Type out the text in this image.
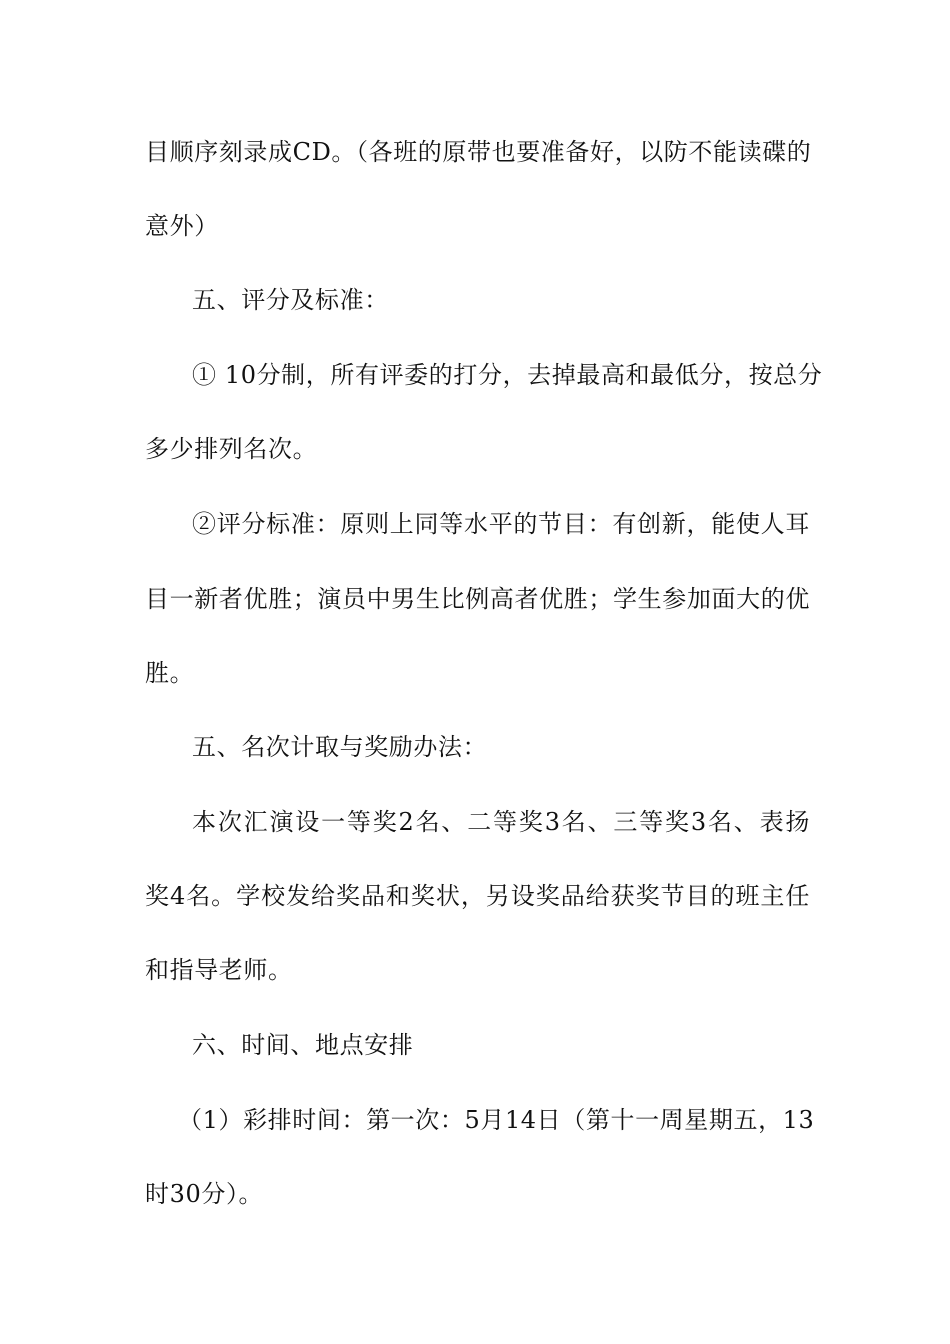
目顺序刻录成CD。（各班的原带也要准备好，以防不能读碟的
意外）
五、评分及标准：
① 10分制，所有评委的打分，去掉最高和最低分，按总分
多少排列名次。
②评分标准：原则上同等水平的节目：有创新，能使人耳
目一新者优胜；演员中男生比例高者优胜；学生参加面大的优
胜。
五、名次计取与奖励办法：
本次汇演设一等奖2名、二等奖3名、三等奖3名、表扬
奖4名。学校发给奖品和奖状，另设奖品给获奖节目的班主任
和指导老师。
六、时间、地点安排
（1）彩排时间：第一次：5月14日（第十一周星期五，13
时30分）。
